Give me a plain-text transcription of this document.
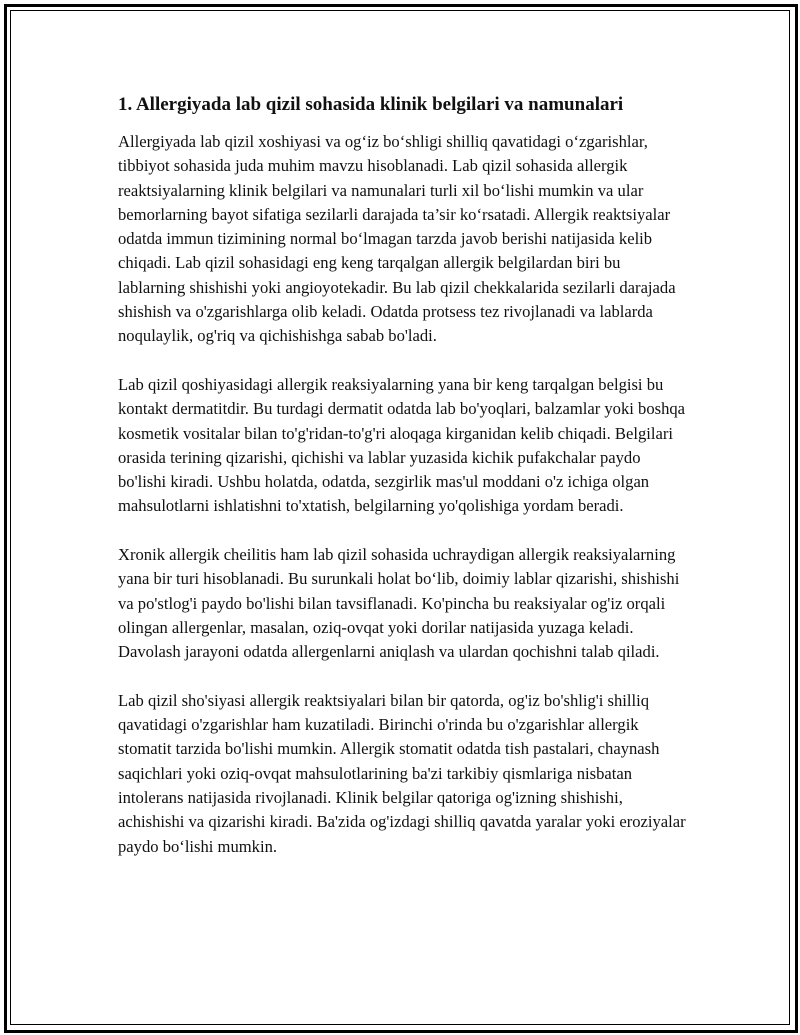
1. Allergiyada lab qizil sohasida klinik belgilari va namunalari

Allergiyada lab qizil xoshiyasi va og‘iz bo‘shligi shilliq qavatidagi o‘zgarishlar, tibbiyot sohasida juda muhim mavzu hisoblanadi. Lab qizil sohasida allergik reaktsiyalarning klinik belgilari va namunalari turli xil bo‘lishi mumkin va ular bemorlarning bayot sifatiga sezilarli darajada ta’sir ko‘rsatadi. Allergik reaktsiyalar odatda immun tizimining normal bo‘lmagan tarzda javob berishi natijasida kelib chiqadi. Lab qizil sohasidagi eng keng tarqalgan allergik belgilardan biri bu lablarning shishishi yoki angioyotekadir. Bu lab qizil chekkalarida sezilarli darajada shishish va o'zgarishlarga olib keladi. Odatda protsess tez rivojlanadi va lablarda noqulaylik, og'riq va qichishishga sabab bo'ladi.

Lab qizil qoshiyasidagi allergik reaksiyalarning yana bir keng tarqalgan belgisi bu kontakt dermatitdir. Bu turdagi dermatit odatda lab bo'yoqlari, balzamlar yoki boshqa kosmetik vositalar bilan to'g'ridan-to'g'ri aloqaga kirganidan kelib chiqadi. Belgilari orasida terining qizarishi, qichishi va lablar yuzasida kichik pufakchalar paydo bo'lishi kiradi. Ushbu holatda, odatda, sezgirlik mas'ul moddani o'z ichiga olgan mahsulotlarni ishlatishni to'xtatish, belgilarning yo'qolishiga yordam beradi.

Xronik allergik cheilitis ham lab qizil sohasida uchraydigan allergik reaksiyalarning yana bir turi hisoblanadi. Bu surunkali holat bo‘lib, doimiy lablar qizarishi, shishishi va po'stlog'i paydo bo'lishi bilan tavsiflanadi. Ko'pincha bu reaksiyalar og'iz orqali olingan allergenlar, masalan, oziq-ovqat yoki dorilar natijasida yuzaga keladi. Davolash jarayoni odatda allergenlarni aniqlash va ulardan qochishni talab qiladi.

Lab qizil sho'siyasi allergik reaktsiyalari bilan bir qatorda, og'iz bo'shlig'i shilliq qavatidagi o'zgarishlar ham kuzatiladi. Birinchi o'rinda bu o'zgarishlar allergik stomatit tarzida bo'lishi mumkin. Allergik stomatit odatda tish pastalari, chaynash saqichlari yoki oziq-ovqat mahsulotlarining ba'zi tarkibiy qismlariga nisbatan intolerans natijasida rivojlanadi. Klinik belgilar qatoriga og'izning shishishi, achishishi va qizarishi kiradi. Ba'zida og'izdagi shilliq qavatda yaralar yoki eroziyalar paydo bo‘lishi mumkin.
